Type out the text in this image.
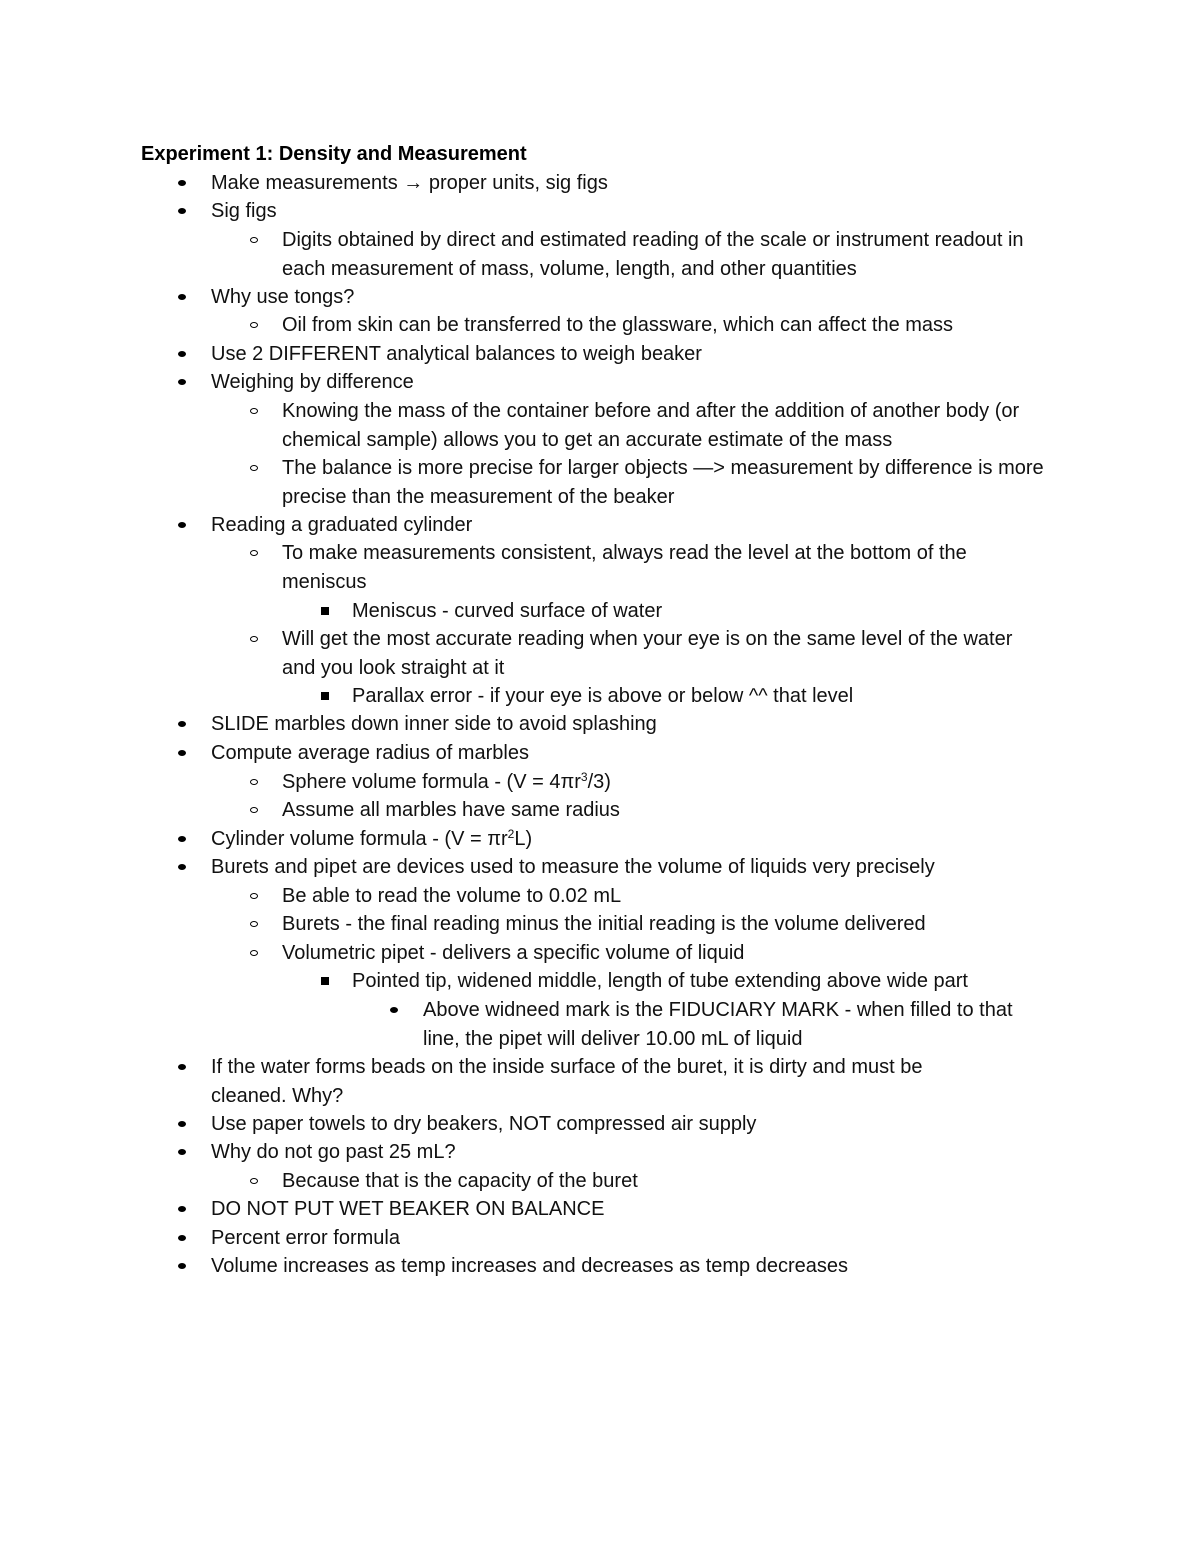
Experiment 1: Density and Measurement
Make measurements → proper units, sig figs
Sig figs
Digits obtained by direct and estimated reading of the scale or instrument readout in each measurement of mass, volume, length, and other quantities
Why use tongs?
Oil from skin can be transferred to the glassware, which can affect the mass
Use 2 DIFFERENT analytical balances to weigh beaker
Weighing by difference
Knowing the mass of the container before and after the addition of another body (or chemical sample) allows you to get an accurate estimate of the mass
The balance is more precise for larger objects —> measurement by difference is more precise than the measurement of the beaker
Reading a graduated cylinder
To make measurements consistent, always read the level at the bottom of the meniscus
Meniscus - curved surface of water
Will get the most accurate reading when your eye is on the same level of the water and you look straight at it
Parallax error - if your eye is above or below ^^ that level
SLIDE marbles down inner side to avoid splashing
Compute average radius of marbles
Sphere volume formula - $(V = 4\pi r^3/3)$
Assume all marbles have same radius
Cylinder volume formula - $(V = \pi r^2L)$
Burets and pipet are devices used to measure the volume of liquids very precisely
Be able to read the volume to 0.02 mL
Burets - the final reading minus the initial reading is the volume delivered
Volumetric pipet - delivers a specific volume of liquid
Pointed tip, widened middle, length of tube extending above wide part
Above widneed mark is the FIDUCIARY MARK - when filled to that line, the pipet will deliver 10.00 mL of liquid
If the water forms beads on the inside surface of the buret, it is dirty and must be cleaned. Why?
Use paper towels to dry beakers, NOT compressed air supply
Why do not go past 25 mL?
Because that is the capacity of the buret
DO NOT PUT WET BEAKER ON BALANCE
Percent error formula
Volume increases as temp increases and decreases as temp decreases
